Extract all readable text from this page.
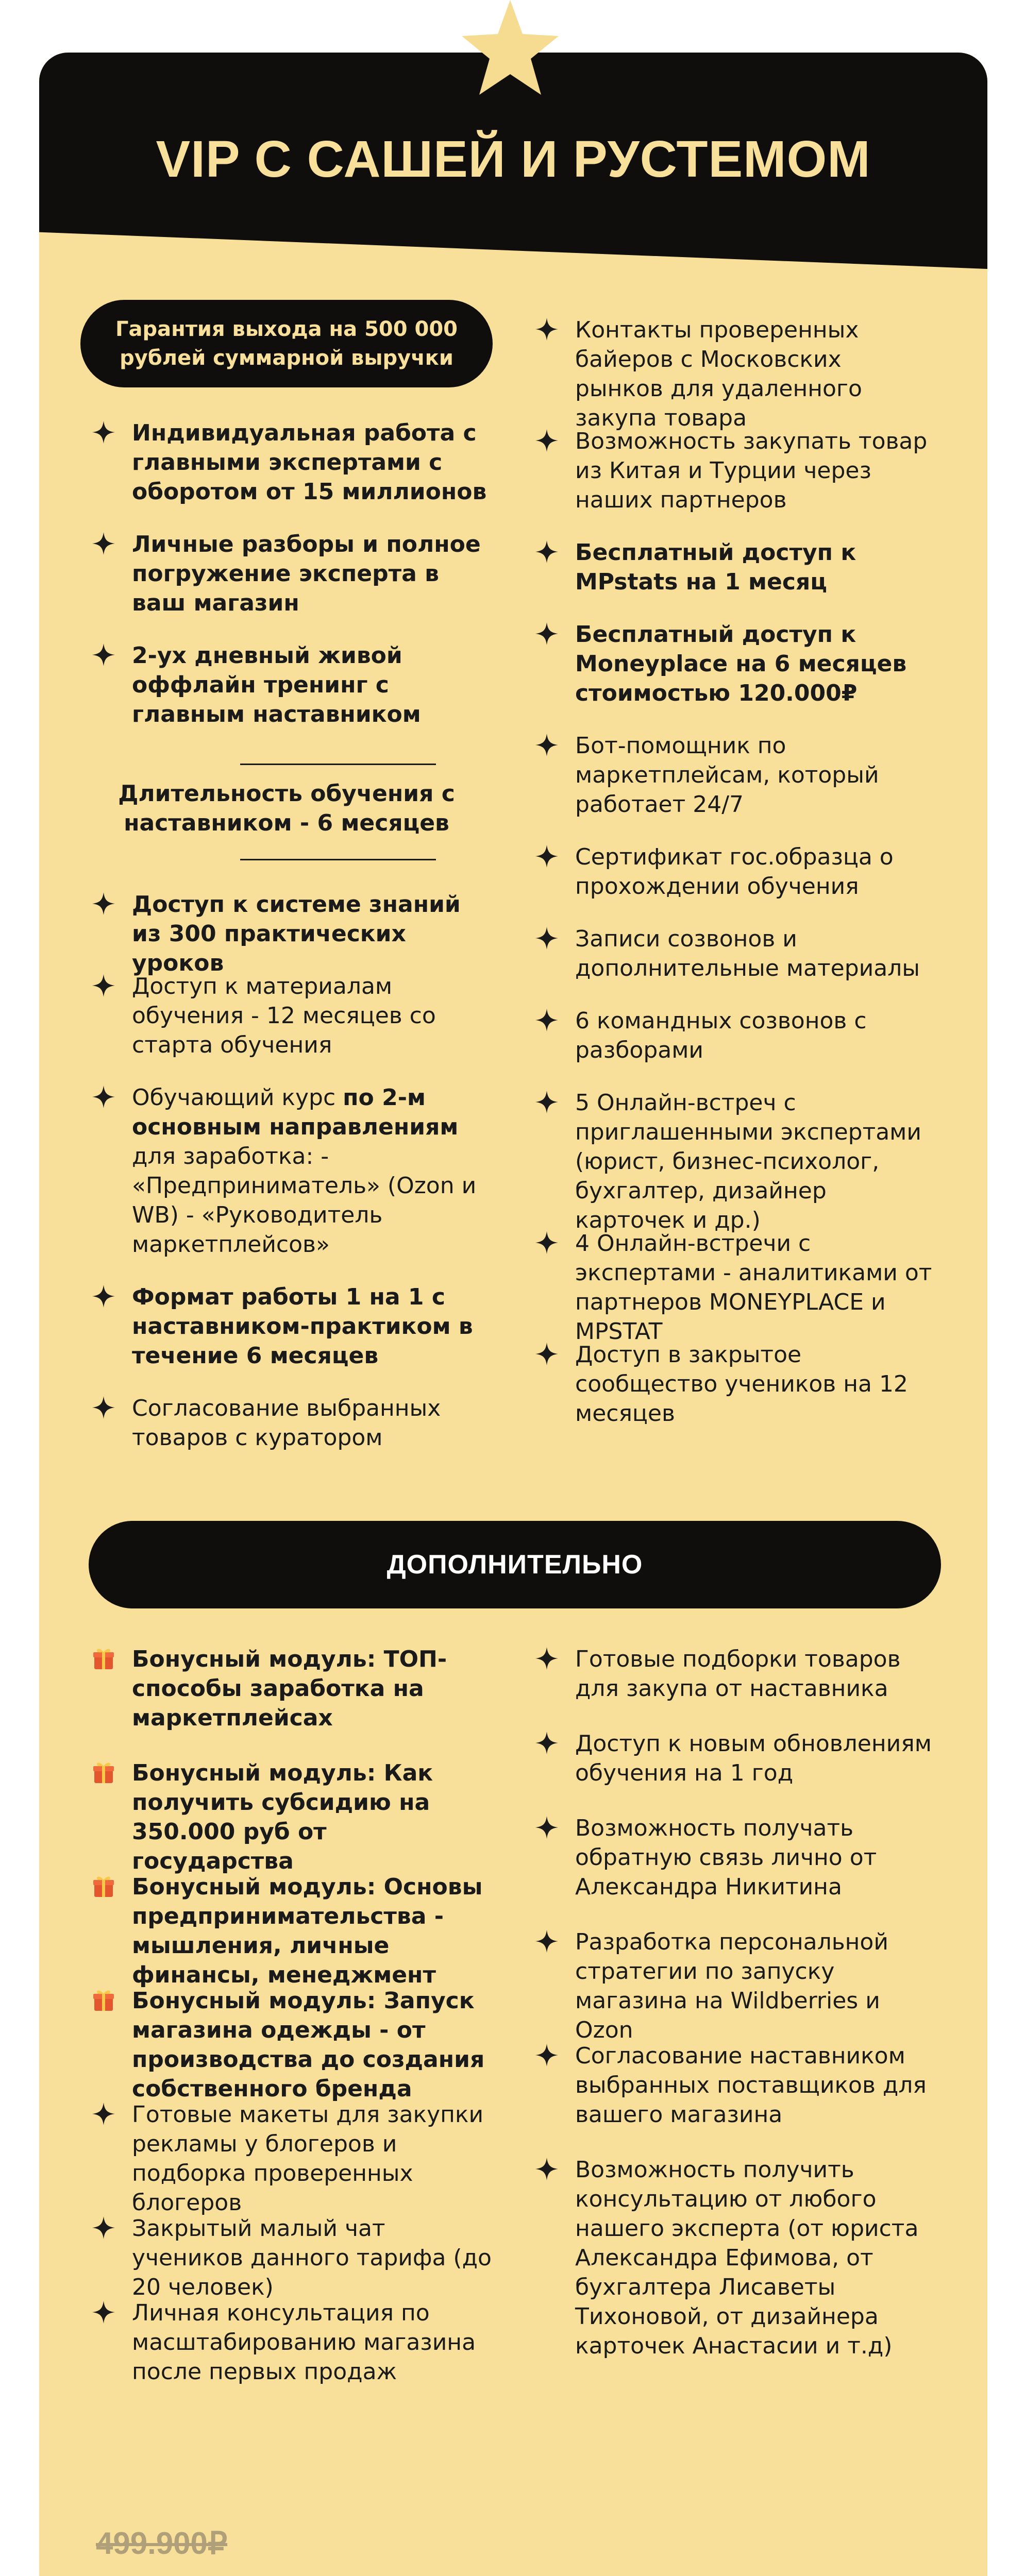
VIP С САШЕЙ И РУСТЕМОМ
Гарантия выхода на 500 000 рублей суммарной выручки
Индивидуальная работа с главными экспертами с оборотом от 15 миллионов
Личные разборы и полное погружение эксперта в ваш магазин
2-ух дневный живой оффлайн тренинг с главным наставником
Длительность обучения с наставником - 6 месяцев
Доступ к системе знаний из 300 практических уроков
Доступ к материалам обучения - 12 месяцев со старта обучения
Обучающий курс по 2-м основным направлениям для заработка: - «Предприниматель» (Ozon и WB) - «Руководитель маркетплейсов»
Формат работы 1 на 1 с наставником-практиком в течение 6 месяцев
Согласование выбранных товаров с куратором
Контакты проверенных байеров с Московских рынков для удаленного закупа товара
Возможность закупать товар из Китая и Турции через наших партнеров
Бесплатный доступ к MPstats на 1 месяц
Бесплатный доступ к Moneyplace на 6 месяцев стоимостью 120.000₽
Бот-помощник по маркетплейсам, который работает 24/7
Сертификат гос.образца о прохождении обучения
Записи созвонов и дополнительные материалы
6 командных созвонов с разборами
5 Онлайн-встреч с приглашенными экспертами (юрист, бизнес-психолог, бухгалтер, дизайнер карточек и др.)
4 Онлайн-встречи с экспертами - аналитиками от партнеров MONEYPLACE и MPSTAT
Доступ в закрытое сообщество учеников на 12 месяцев
ДОПОЛНИТЕЛЬНО
Бонусный модуль: ТОП-способы заработка на маркетплейсах
Бонусный модуль: Как получить субсидию на 350.000 руб от государства
Бонусный модуль: Основы предпринимательства - мышления, личные финансы, менеджмент
Бонусный модуль: Запуск магазина одежды - от производства до создания собственного бренда
Готовые макеты для закупки рекламы у блогеров и подборка проверенных блогеров
Закрытый малый чат учеников данного тарифа (до 20 человек)
Личная консультация по масштабированию магазина после первых продаж
Готовые подборки товаров для закупа от наставника
Доступ к новым обновлениям обучения на 1 год
Возможность получать обратную связь лично от Александра Никитина
Разработка персональной стратегии по запуску магазина на Wildberries и Ozon
Согласование наставником выбранных поставщиков для вашего магазина
Возможность получить консультацию от любого нашего эксперта (от юриста Александра Ефимова, от бухгалтера Лисаветы Тихоновой, от дизайнера карточек Анастасии и т.д)
499.900₽
